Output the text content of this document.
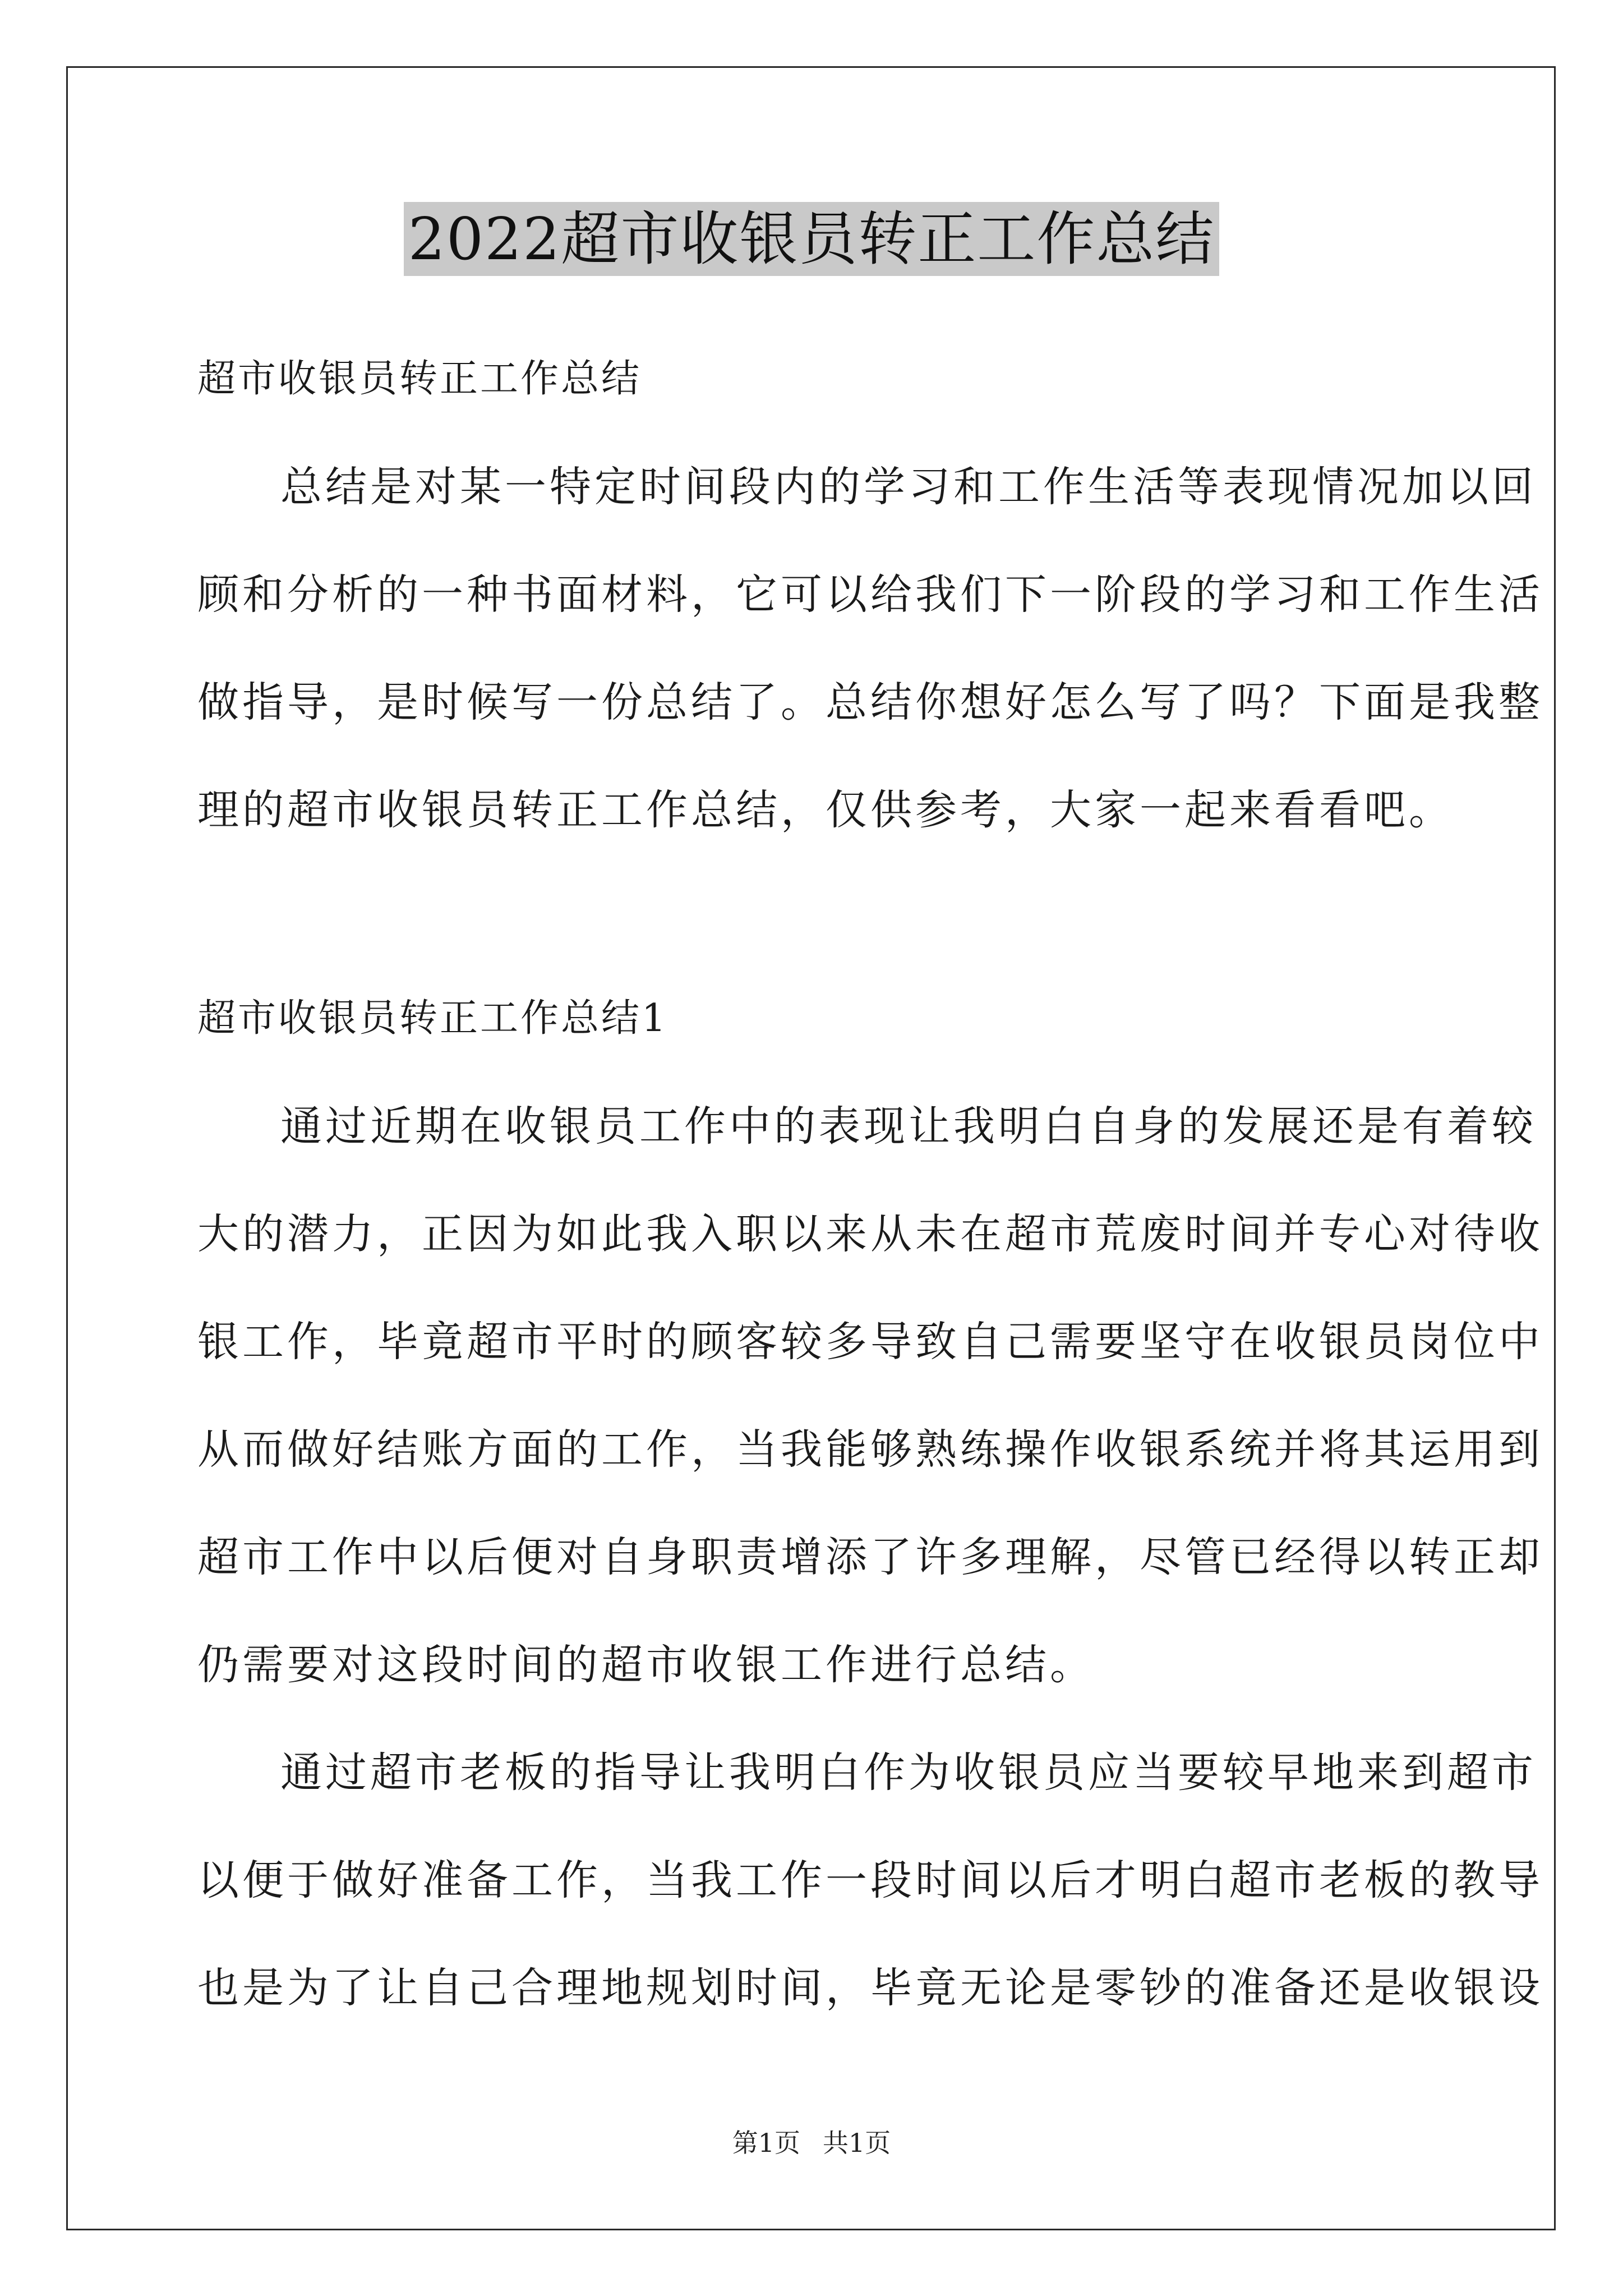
2022超市收银员转正工作总结
超市收银员转正工作总结
总结是对某一特定时间段内的学习和工作生活等表现情况加以回
顾和分析的一种书面材料，它可以给我们下一阶段的学习和工作生活
做指导，是时候写一份总结了。总结你想好怎么写了吗？下面是我整
理的超市收银员转正工作总结，仅供参考，大家一起来看看吧。
超市收银员转正工作总结1
通过近期在收银员工作中的表现让我明白自身的发展还是有着较
大的潜力，正因为如此我入职以来从未在超市荒废时间并专心对待收
银工作，毕竟超市平时的顾客较多导致自己需要坚守在收银员岗位中
从而做好结账方面的工作，当我能够熟练操作收银系统并将其运用到
超市工作中以后便对自身职责增添了许多理解，尽管已经得以转正却
仍需要对这段时间的超市收银工作进行总结。
通过超市老板的指导让我明白作为收银员应当要较早地来到超市
以便于做好准备工作，当我工作一段时间以后才明白超市老板的教导
也是为了让自己合理地规划时间，毕竟无论是零钞的准备还是收银设
第1页 共1页
